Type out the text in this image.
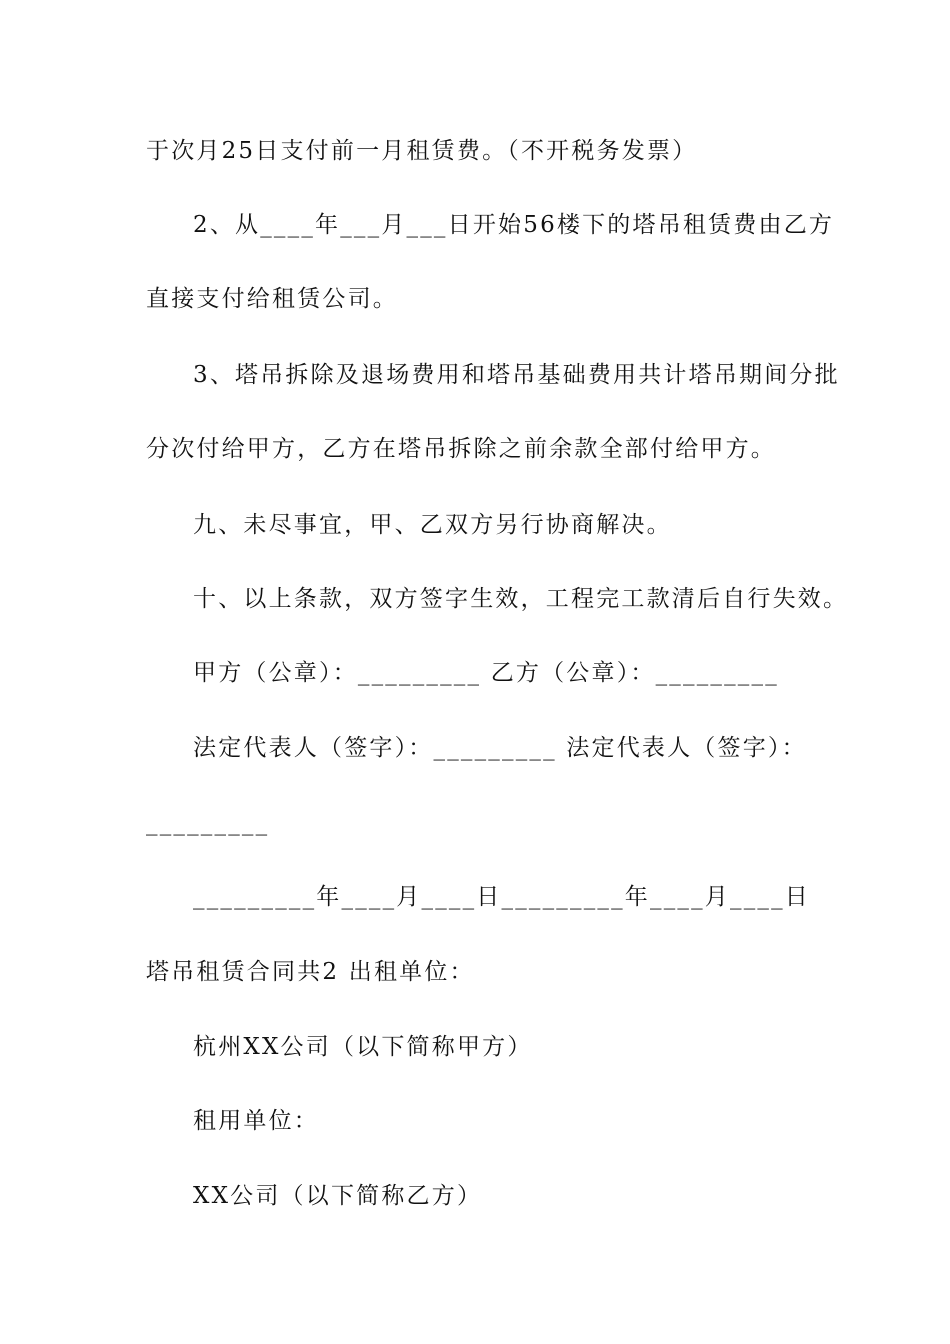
于次月25日支付前一月租赁费。（不开税务发票）
2、从____年___月___日开始56楼下的塔吊租赁费由乙方
直接支付给租赁公司。
3、塔吊拆除及退场费用和塔吊基础费用共计塔吊期间分批
分次付给甲方，乙方在塔吊拆除之前余款全部付给甲方。
九、未尽事宜，甲、乙双方另行协商解决。
十、以上条款，双方签字生效，工程完工款清后自行失效。
甲方（公章）：_________ 乙方（公章）：_________
法定代表人（签字）：_________ 法定代表人（签字）：
_________
_________年____月____日_________年____月____日
塔吊租赁合同共2 出租单位：
杭州XX公司（以下简称甲方）
租用单位：
XX公司（以下简称乙方）
